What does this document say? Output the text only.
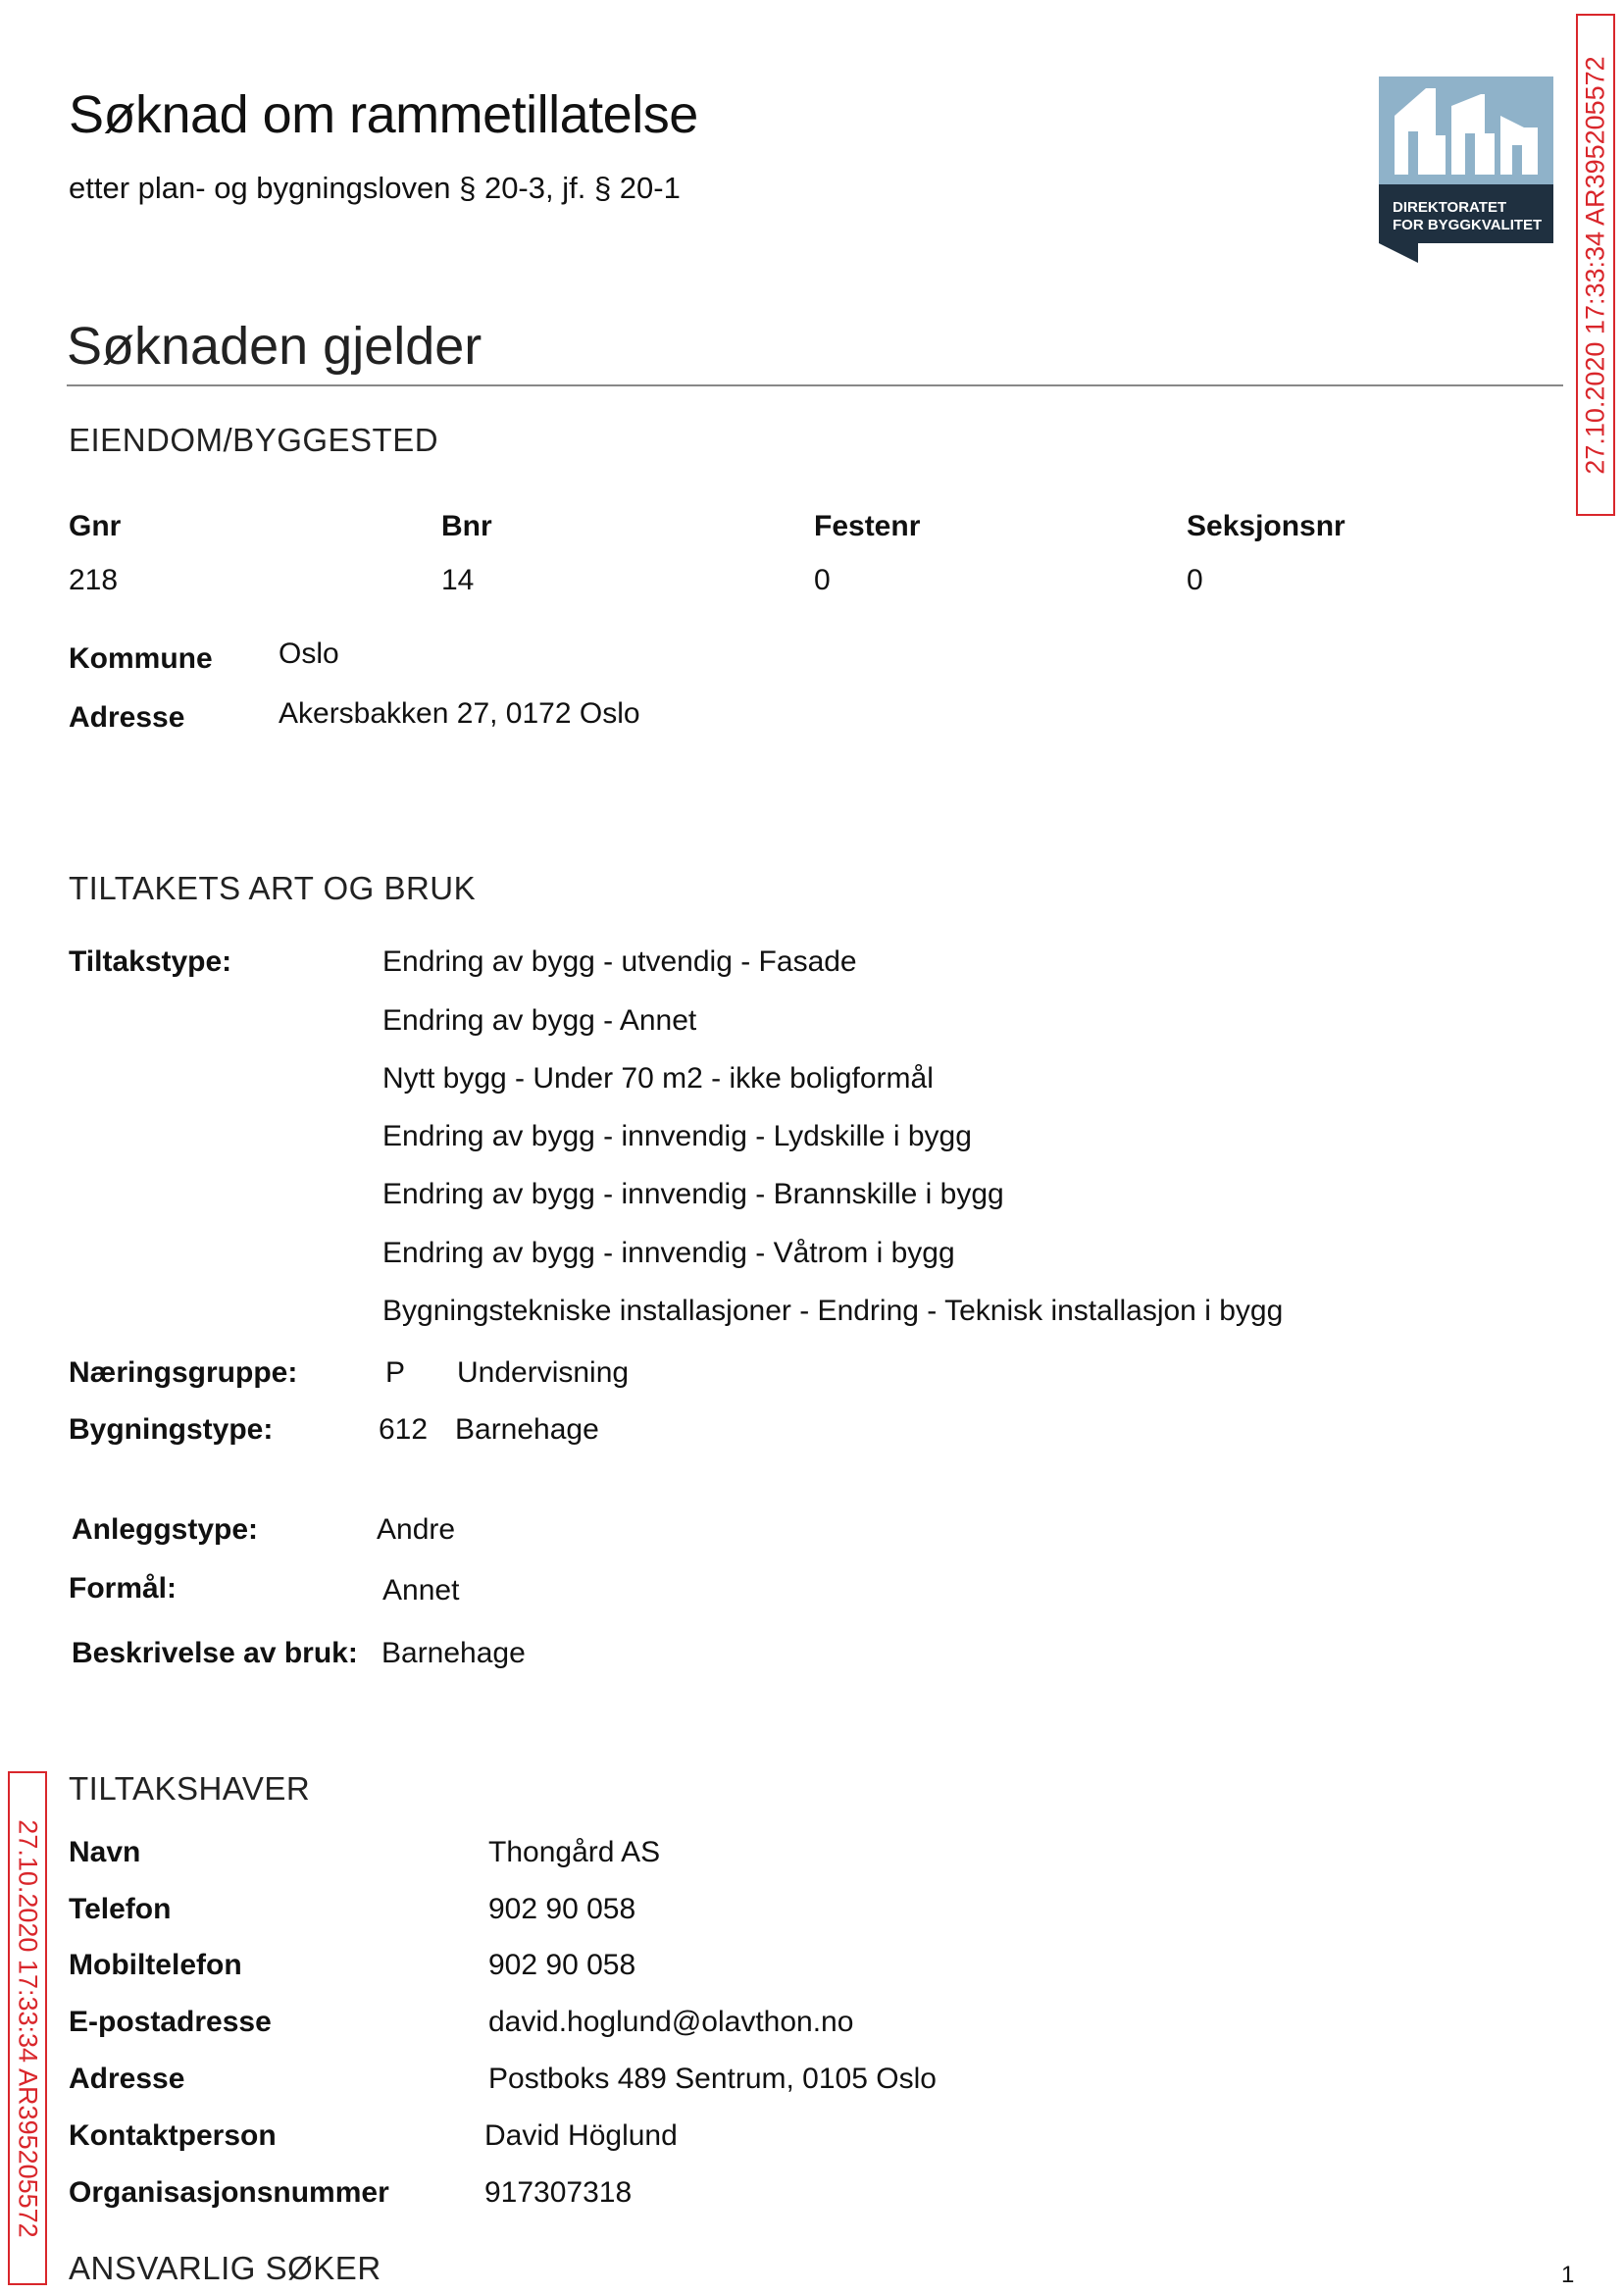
Søknad om rammetillatelse
etter plan- og bygningsloven § 20-3, jf. § 20-1
DIREKTORATET
FOR BYGGKVALITET 27.10.2020 17:33:34 AR395205572
27.10.2020 17:33:34 AR395205572
Søknaden gjelder
EIENDOM/BYGGESTED
Gnr	Bnr	Festenr	Seksjonsnr
218	14	0	0
Kommune Oslo
Adresse	Akersbakken 27, 0172 Oslo
TILTAKETS ART OG BRUK
Tiltakstype:	Endring av bygg - utvendig - Fasade
Endring av bygg - Annet
Nytt bygg - Under 70 m2 - ikke boligformål
Endring av bygg - innvendig - Lydskille i bygg
Endring av bygg - innvendig - Brannskille i bygg
Endring av bygg - innvendig - Våtrom i bygg
Bygningstekniske installasjoner - Endring - Teknisk installasjon i bygg
Næringsgruppe:	P Undervisning
Bygningstype:	612 Barnehage
Anleggstype:	Andre
Formål:	Annet
Beskrivelse av bruk: Barnehage
TILTAKSHAVER
Navn	Thongård AS
Telefon	902 90 058
Mobiltelefon	902 90 058
E-postadresse	david.hoglund@olavthon.no
Adresse	Postboks 489 Sentrum, 0105 Oslo
Kontaktperson	David Höglund
Organisasjonsnummer	917307318
ANSVARLIG SØKER	1
